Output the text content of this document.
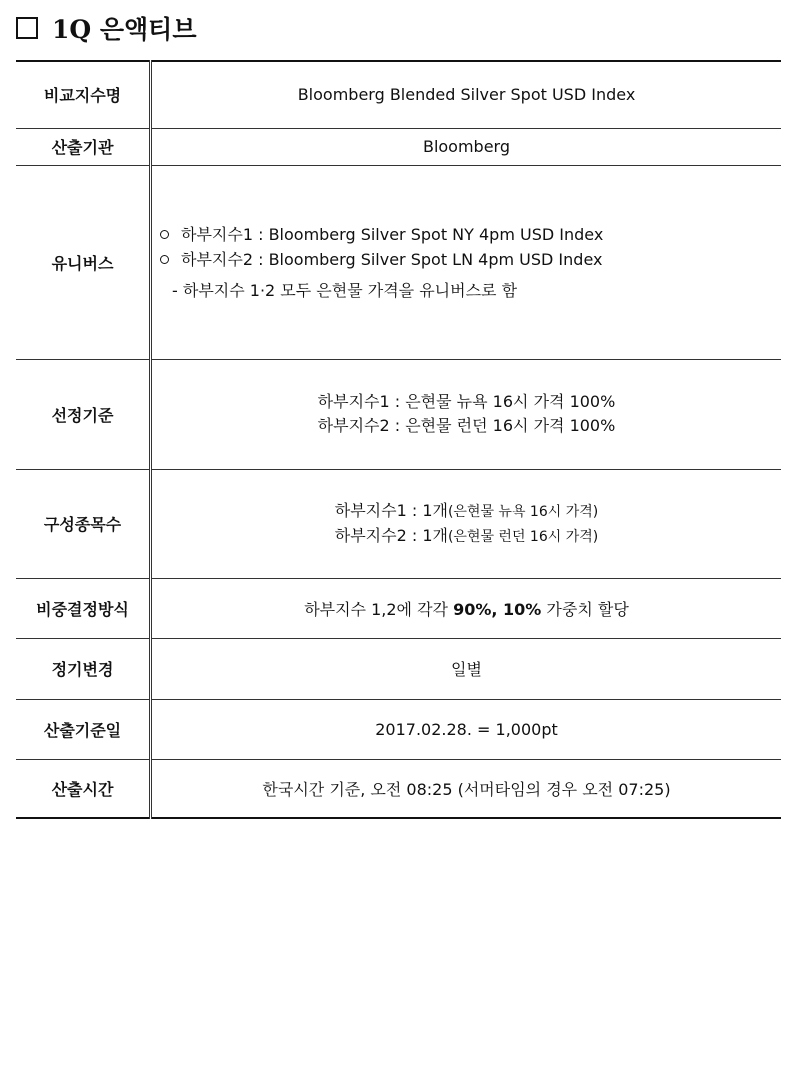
1Q 은액티브
비교지수명	Bloomberg Blended Silver Spot USD Index
산출기관	Bloomberg
유니버스	하부지수1 : Bloomberg Silver Spot NY 4pm USD Index
하부지수2 : Bloomberg Silver Spot LN 4pm USD Index
- 하부지수 1·2 모두 은현물 가격을 유니버스로 함

선정기준	하부지수1 : 은현물 뉴욕 16시 가격 100%
하부지수2 : 은현물 런던 16시 가격 100%

구성종목수	하부지수1 : 1개(은현물 뉴욕 16시 가격)
하부지수2 : 1개(은현물 런던 16시 가격)

비중결정방식	하부지수 1,2에 각각 90%, 10% 가중치 할당
정기변경	일별
산출기준일	2017.02.28. = 1,000pt
산출시간	한국시간 기준, 오전 08:25 (서머타임의 경우 오전 07:25)
